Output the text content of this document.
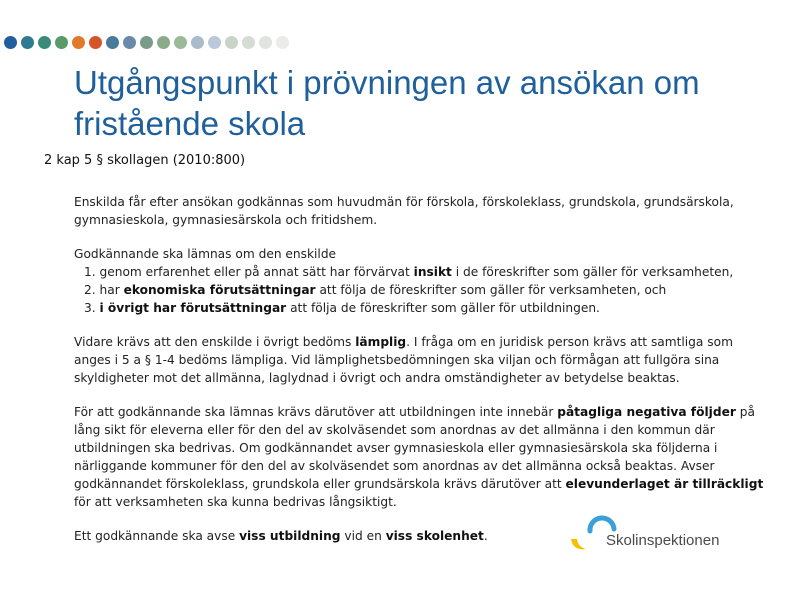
Utgångspunkt i prövningen av ansökan om fristående skola

2 kap 5 § skollagen (2010:800)

Enskilda får efter ansökan godkännas som huvudmän för förskola, förskoleklass, grundskola, grundsärskola, gymnasieskola, gymnasiesärskola och fritidshem.

Godkännande ska lämnas om den enskilde

1. genom erfarenhet eller på annat sätt har förvärvat insikt i de föreskrifter som gäller för verksamheten,
2. har ekonomiska förutsättningar att följa de föreskrifter som gäller för verksamheten, och
3. i övrigt har förutsättningar att följa de föreskrifter som gäller för utbildningen.

Vidare krävs att den enskilde i övrigt bedöms lämplig. I fråga om en juridisk person krävs att samtliga som anges i 5 a § 1-4 bedöms lämpliga. Vid lämplighetsbedömningen ska viljan och förmågan att fullgöra sina skyldigheter mot det allmänna, laglydnad i övrigt och andra omständigheter av betydelse beaktas.

För att godkännande ska lämnas krävs därutöver att utbildningen inte innebär påtagliga negativa följder på lång sikt för eleverna eller för den del av skolväsendet som anordnas av det allmänna i den kommun där utbildningen ska bedrivas. Om godkännandet avser gymnasieskola eller gymnasiesärskola ska följderna i närliggande kommuner för den del av skolväsendet som anordnas av det allmänna också beaktas. Avser godkännandet förskoleklass, grundskola eller grundsärskola krävs därutöver att elevunderlaget är tillräckligt för att verksamheten ska kunna bedrivas långsiktigt.

Ett godkännande ska avse viss utbildning vid en viss skolenhet.	Skolinspektionen
